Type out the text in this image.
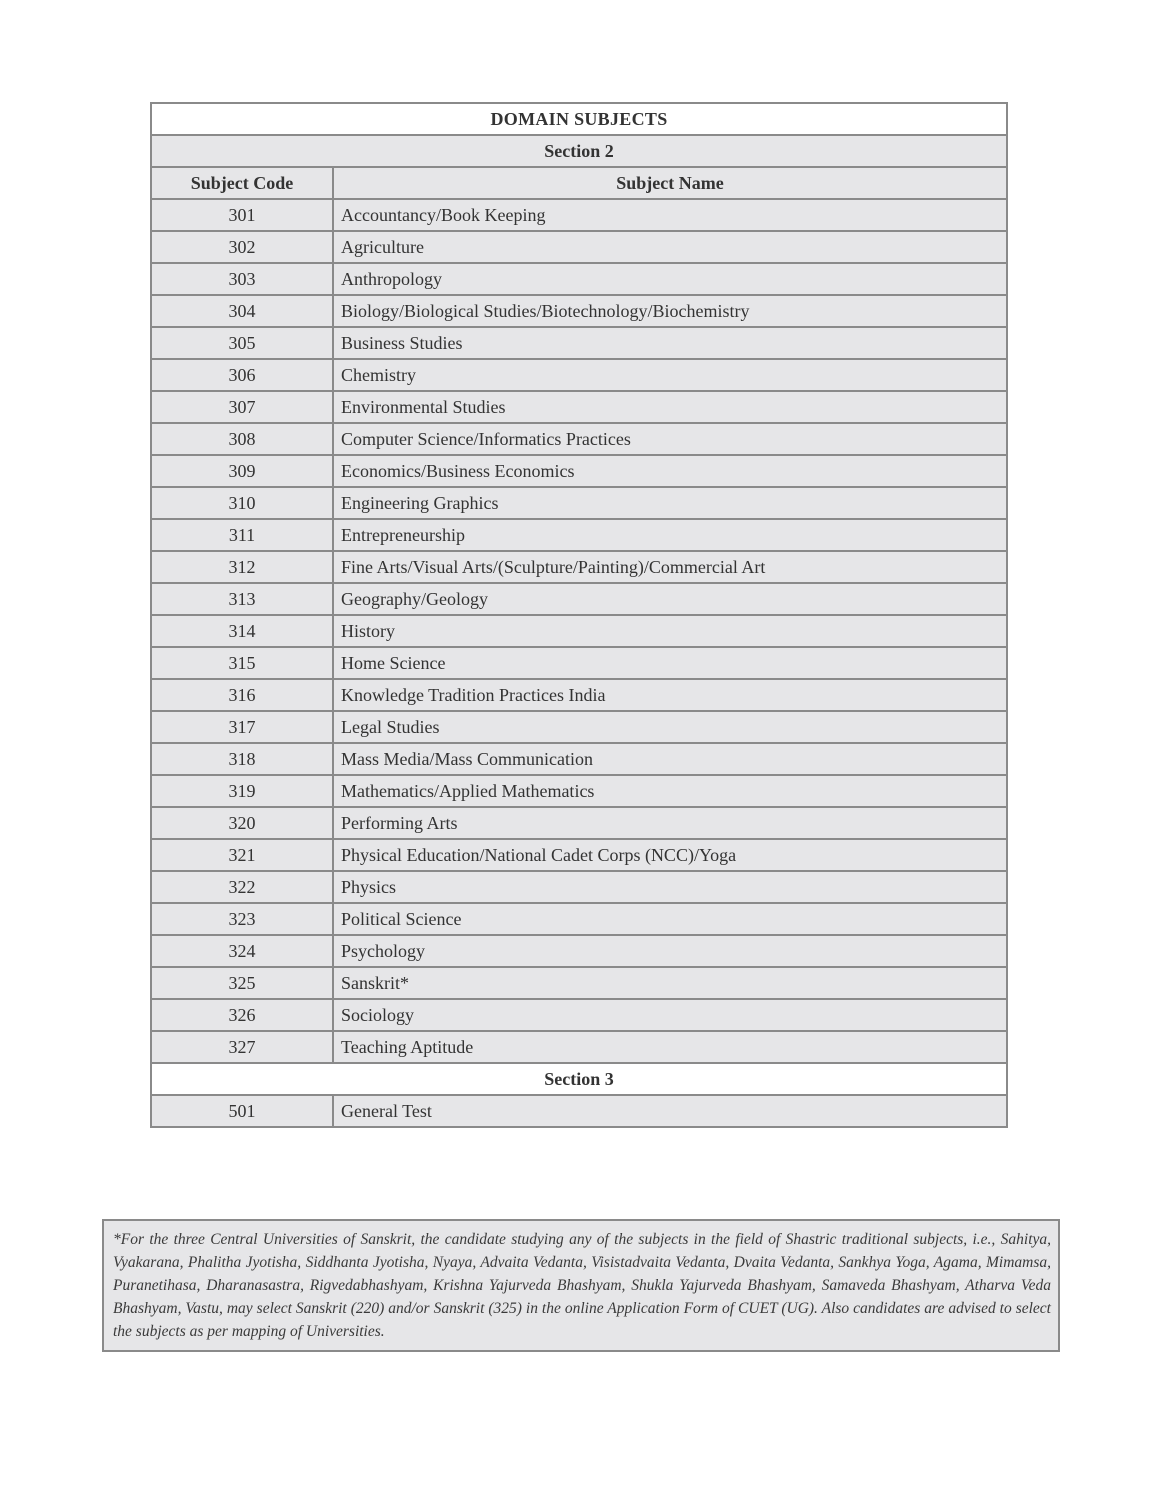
DOMAIN SUBJECTS	
Section 2	
Subject Code	Subject Name
301	Accountancy/Book Keeping
302	Agriculture
303	Anthropology
304	Biology/Biological Studies/Biotechnology/Biochemistry
305	Business Studies
306	Chemistry
307	Environmental Studies
308	Computer Science/Informatics Practices
309	Economics/Business Economics
310	Engineering Graphics
311	Entrepreneurship
312	Fine Arts/Visual Arts/(Sculpture/Painting)/Commercial Art
313	Geography/Geology
314	History
315	Home Science
316	Knowledge Tradition Practices India
317	Legal Studies
318	Mass Media/Mass Communication
319	Mathematics/Applied Mathematics
320	Performing Arts
321	Physical Education/National Cadet Corps (NCC)/Yoga
322	Physics
323	Political Science
324	Psychology
325	Sanskrit*
326	Sociology
327	Teaching Aptitude
Section 3	
501	General Test
*For the three Central Universities of Sanskrit, the candidate studying any of the subjects in the field of Shastric traditional subjects, i.e., Sahitya, Vyakarana, Phalitha Jyotisha, Siddhanta Jyotisha, Nyaya, Advaita Vedanta, Visistadvaita Vedanta, Dvaita Vedanta, Sankhya Yoga, Agama, Mimamsa, Puranetihasa, Dharanasastra, Rigvedabhashyam, Krishna Yajurveda Bhashyam, Shukla Yajurveda Bhashyam, Samaveda Bhashyam, Atharva Veda Bhashyam, Vastu, may select Sanskrit (220) and/or Sanskrit (325) in the online Application Form of CUET (UG). Also candidates are advised to select the subjects as per mapping of Universities.
